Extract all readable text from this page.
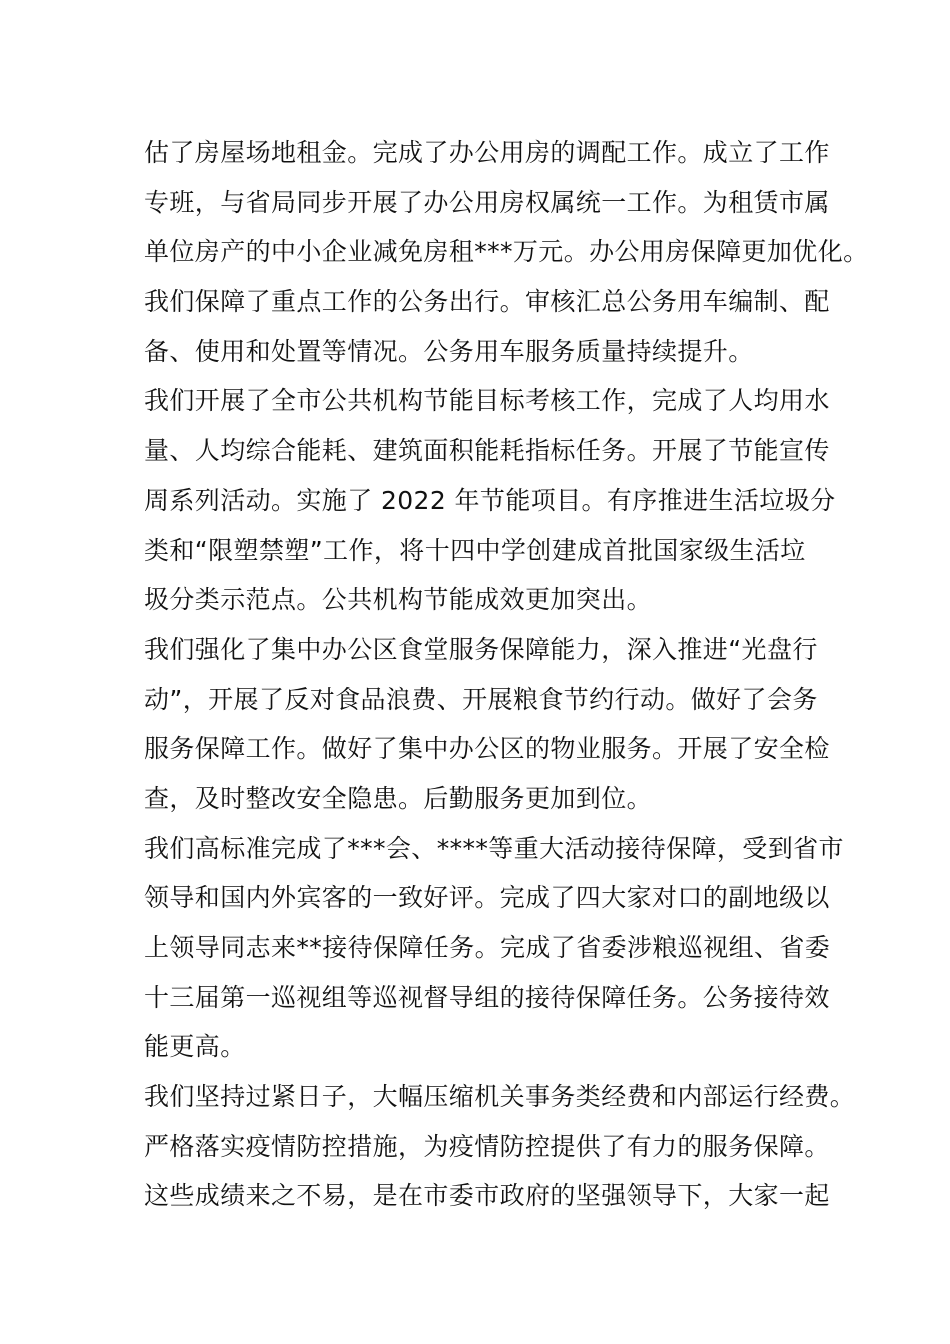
估了房屋场地租金。完成了办公用房的调配工作。成立了工作
专班，与省局同步开展了办公用房权属统一工作。为租赁市属
单位房产的中小企业减免房租***万元。办公用房保障更加优化。
我们保障了重点工作的公务出行。审核汇总公务用车编制、配
备、使用和处置等情况。公务用车服务质量持续提升。
我们开展了全市公共机构节能目标考核工作，完成了人均用水
量、人均综合能耗、建筑面积能耗指标任务。开展了节能宣传
周系列活动。实施了 2022 年节能项目。有序推进生活垃圾分
类和“限塑禁塑”工作，将十四中学创建成首批国家级生活垃
圾分类示范点。公共机构节能成效更加突出。
我们强化了集中办公区食堂服务保障能力，深入推进“光盘行
动”，开展了反对食品浪费、开展粮食节约行动。做好了会务
服务保障工作。做好了集中办公区的物业服务。开展了安全检
查，及时整改安全隐患。后勤服务更加到位。
我们高标准完成了***会、****等重大活动接待保障，受到省市
领导和国内外宾客的一致好评。完成了四大家对口的副地级以
上领导同志来**接待保障任务。完成了省委涉粮巡视组、省委
十三届第一巡视组等巡视督导组的接待保障任务。公务接待效
能更高。
我们坚持过紧日子，大幅压缩机关事务类经费和内部运行经费。
严格落实疫情防控措施，为疫情防控提供了有力的服务保障。
这些成绩来之不易，是在市委市政府的坚强领导下，大家一起
